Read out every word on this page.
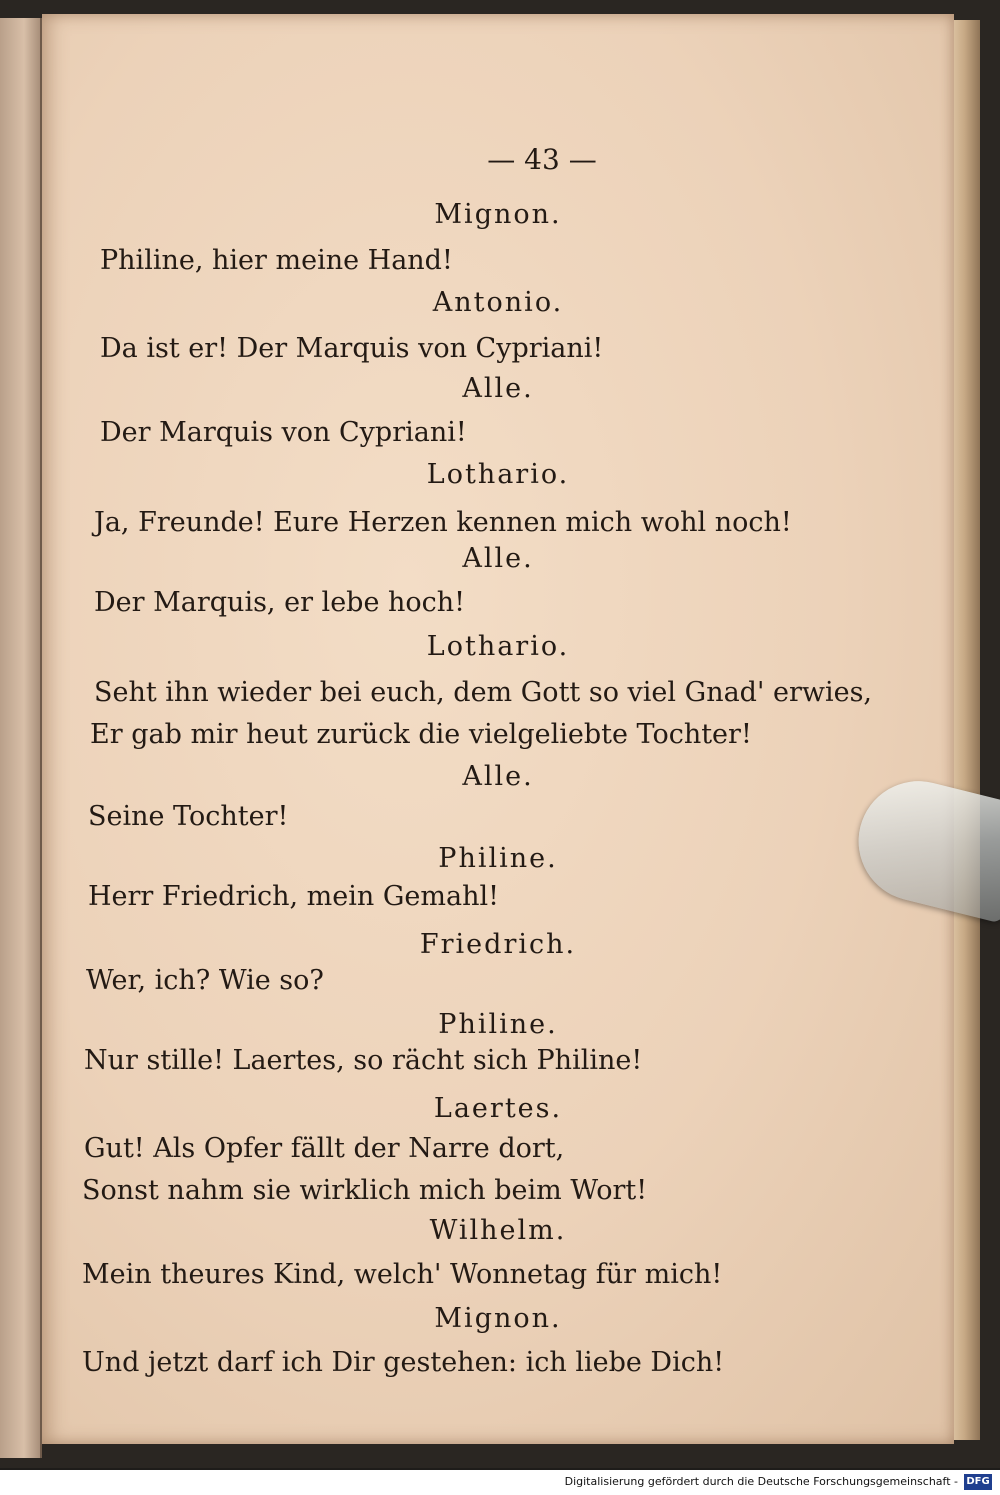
— 43 —
Mignon.
Philine, hier meine Hand!
Antonio.
Da ist er! Der Marquis von Cypriani!
Alle.
Der Marquis von Cypriani!
Lothario.
Ja, Freunde! Eure Herzen kennen mich wohl noch!
Alle.
Der Marquis, er lebe hoch!
Lothario.
Seht ihn wieder bei euch, dem Gott so viel Gnad' erwies,
Er gab mir heut zurück die vielgeliebte Tochter!
Alle.
Seine Tochter!
Philine.
Herr Friedrich, mein Gemahl!
Friedrich.
Wer, ich? Wie so?
Philine.
Nur stille! Laertes, so rächt sich Philine!
Laertes.
Gut! Als Opfer fällt der Narre dort,
Sonst nahm sie wirklich mich beim Wort!
Wilhelm.
Mein theures Kind, welch' Wonnetag für mich!
Mignon.
Und jetzt darf ich Dir gestehen: ich liebe Dich!
Digitalisierung gefördert durch die Deutsche Forschungsgemeinschaft - DFG
